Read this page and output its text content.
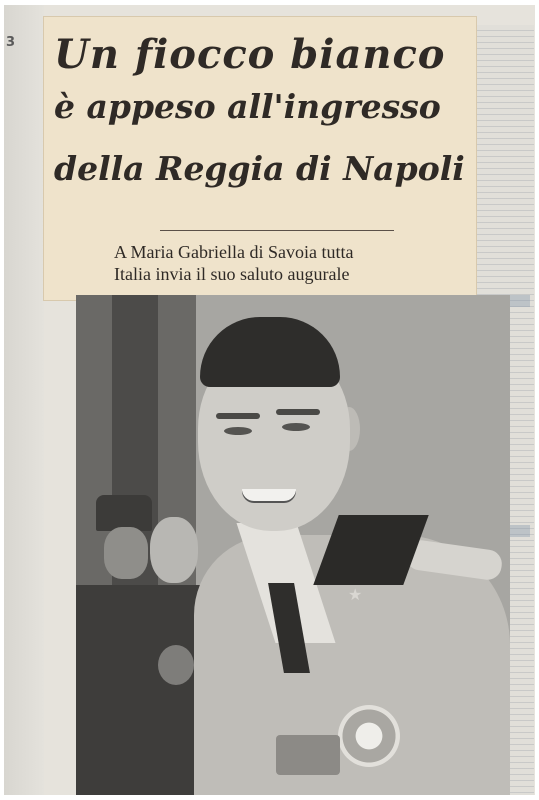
3 Un fiocco bianco
è appeso all'ingresso
della Reggia di Napoli

A Maria Gabriella di Savoia tutta
Italia invia il suo saluto augurale

★
